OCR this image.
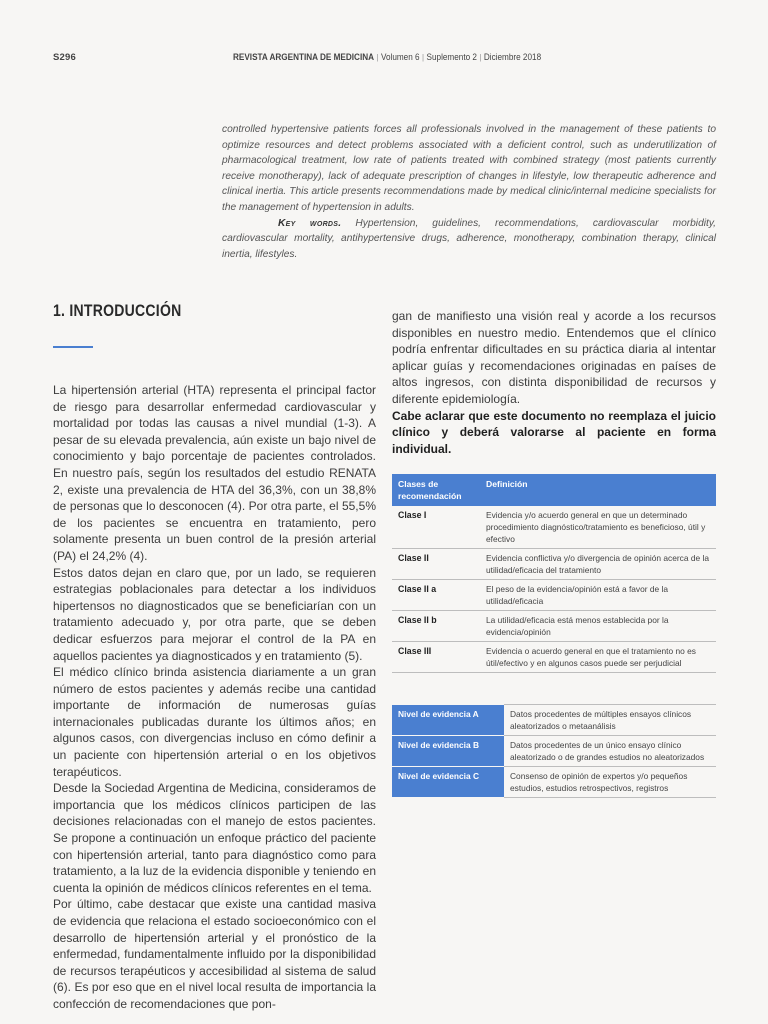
S296	REVISTA ARGENTINA DE MEDICINA | Volumen 6 | Suplemento 2 | Diciembre 2018

controlled hypertensive patients forces all professionals involved in the management of these patients to optimize resources and detect problems associated with a deficient control, such as underutilization of pharmacological treatment, low rate of patients treated with combined strategy (most patients currently receive monotherapy), lack of adequate prescription of changes in lifestyle, low therapeutic adherence and clinical inertia. This article presents recommendations made by medical clinic/internal medicine specialists for the management of hypertension in adults.

Key words. Hypertension, guidelines, recommendations, cardiovascular morbidity, cardiovascular mortality, antihypertensive drugs, adherence, monotherapy, combination therapy, clinical inertia, lifestyles.

1. INTRODUCCIÓN

La hipertensión arterial (HTA) representa el principal factor de riesgo para desarrollar enfermedad cardiovascular y mortalidad por todas las causas a nivel mundial (1-3). A pesar de su elevada prevalencia, aún existe un bajo nivel de conocimiento y bajo porcentaje de pacientes controlados. En nuestro país, según los resultados del estudio RENATA 2, existe una prevalencia de HTA del 36,3%, con un 38,8% de personas que lo desconocen (4). Por otra parte, el 55,5% de los pacientes se encuentra en tratamiento, pero solamente presenta un buen control de la presión arterial (PA) el 24,2% (4).

Estos datos dejan en claro que, por un lado, se requieren estrategias poblacionales para detectar a los individuos hipertensos no diagnosticados que se beneficiarían con un tratamiento adecuado y, por otra parte, que se deben dedicar esfuerzos para mejorar el control de la PA en aquellos pacientes ya diagnosticados y en tratamiento (5).

El médico clínico brinda asistencia diariamente a un gran número de estos pacientes y además recibe una cantidad importante de información de numerosas guías internacionales publicadas durante los últimos años; en algunos casos, con divergencias incluso en cómo definir a un paciente con hipertensión arterial o en los objetivos terapéuticos.

Desde la Sociedad Argentina de Medicina, consideramos de importancia que los médicos clínicos participen de las decisiones relacionadas con el manejo de estos pacientes. Se propone a continuación un enfoque práctico del paciente con hipertensión arterial, tanto para diagnóstico como para tratamiento, a la luz de la evidencia disponible y teniendo en cuenta la opinión de médicos clínicos referentes en el tema.

Por último, cabe destacar que existe una cantidad masiva de evidencia que relaciona el estado socioeconómico con el desarrollo de hipertensión arterial y el pronóstico de la enfermedad, fundamentalmente influido por la disponibilidad de recursos terapéuticos y accesibilidad al sistema de salud (6). Es por eso que en el nivel local resulta de importancia la confección de recomendaciones que pon-

gan de manifiesto una visión real y acorde a los recursos disponibles en nuestro medio. Entendemos que el clínico podría enfrentar dificultades en su práctica diaria al intentar aplicar guías y recomendaciones originadas en países de altos ingresos, con distinta disponibilidad de recursos y diferente epidemiología.

Cabe aclarar que este documento no reemplaza el juicio clínico y deberá valorarse al paciente en forma individual.

Clases de recomendación	Definición
Clase I	Evidencia y/o acuerdo general en que un determinado procedimiento diagnóstico/tratamiento es beneficioso, útil y efectivo
Clase II	Evidencia conflictiva y/o divergencia de opinión acerca de la utilidad/eficacia del tratamiento
Clase II a	El peso de la evidencia/opinión está a favor de la utilidad/eficacia
Clase II b	La utilidad/eficacia está menos establecida por la evidencia/opinión
Clase III	Evidencia o acuerdo general en que el tratamiento no es útil/efectivo y en algunos casos puede ser perjudicial
Nivel de evidencia A	Datos procedentes de múltiples ensayos clínicos aleatorizados o metaanálisis
Nivel de evidencia B	Datos procedentes de un único ensayo clínico aleatorizado o de grandes estudios no aleatorizados
Nivel de evidencia C	Consenso de opinión de expertos y/o pequeños estudios, estudios retrospectivos, registros
